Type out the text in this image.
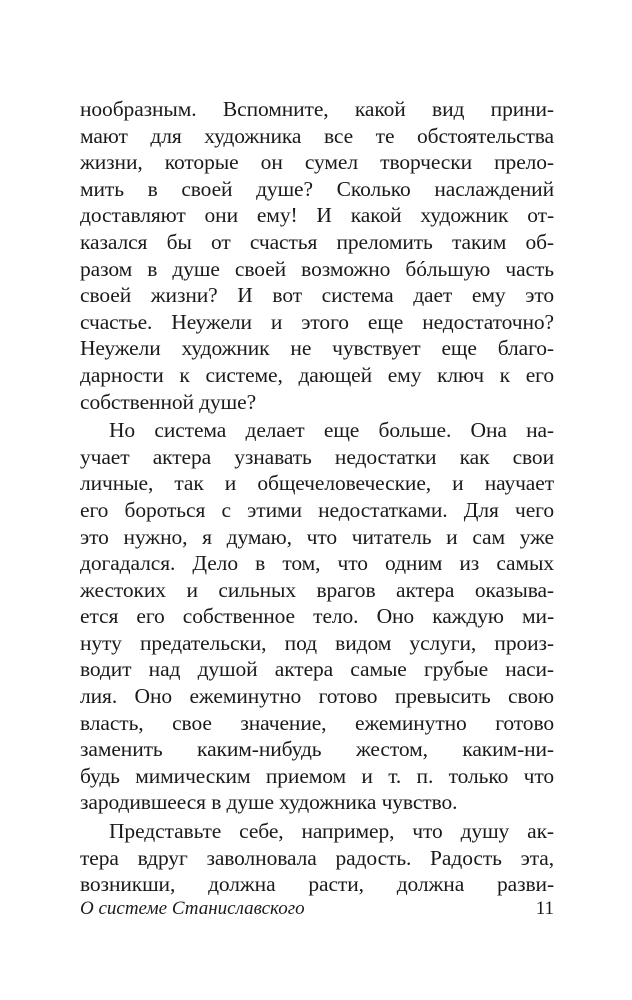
нообразным. Вспомните, какой вид прини-
мают для художника все те обстоятельства
жизни, которые он сумел творчески прело-
мить в своей душе? Сколько наслаждений
доставляют они ему! И какой художник от-
казался бы от счастья преломить таким об-
разом в душе своей возможно бóльшую часть
своей жизни? И вот система дает ему это
счастье. Неужели и этого еще недостаточно?
Неужели художник не чувствует еще благо-
дарности к системе, дающей ему ключ к его
собственной душе?
Но система делает еще больше. Она на-
учает актера узнавать недостатки как свои
личные, так и общечеловеческие, и научает
его бороться с этими недостатками. Для чего
это нужно, я думаю, что читатель и сам уже
догадался. Дело в том, что одним из самых
жестоких и сильных врагов актера оказыва-
ется его собственное тело. Оно каждую ми-
нуту предательски, под видом услуги, произ-
водит над душой актера самые грубые наси-
лия. Оно ежеминутно готово превысить свою
власть, свое значение, ежеминутно готово
заменить каким-нибудь жестом, каким-ни-
будь мимическим приемом и т. п. только что
зародившееся в душе художника чувство.
Представьте себе, например, что душу ак-
тера вдруг заволновала радость. Радость эта,
возникши, должна расти, должна разви-
О системе Станиславского	11
